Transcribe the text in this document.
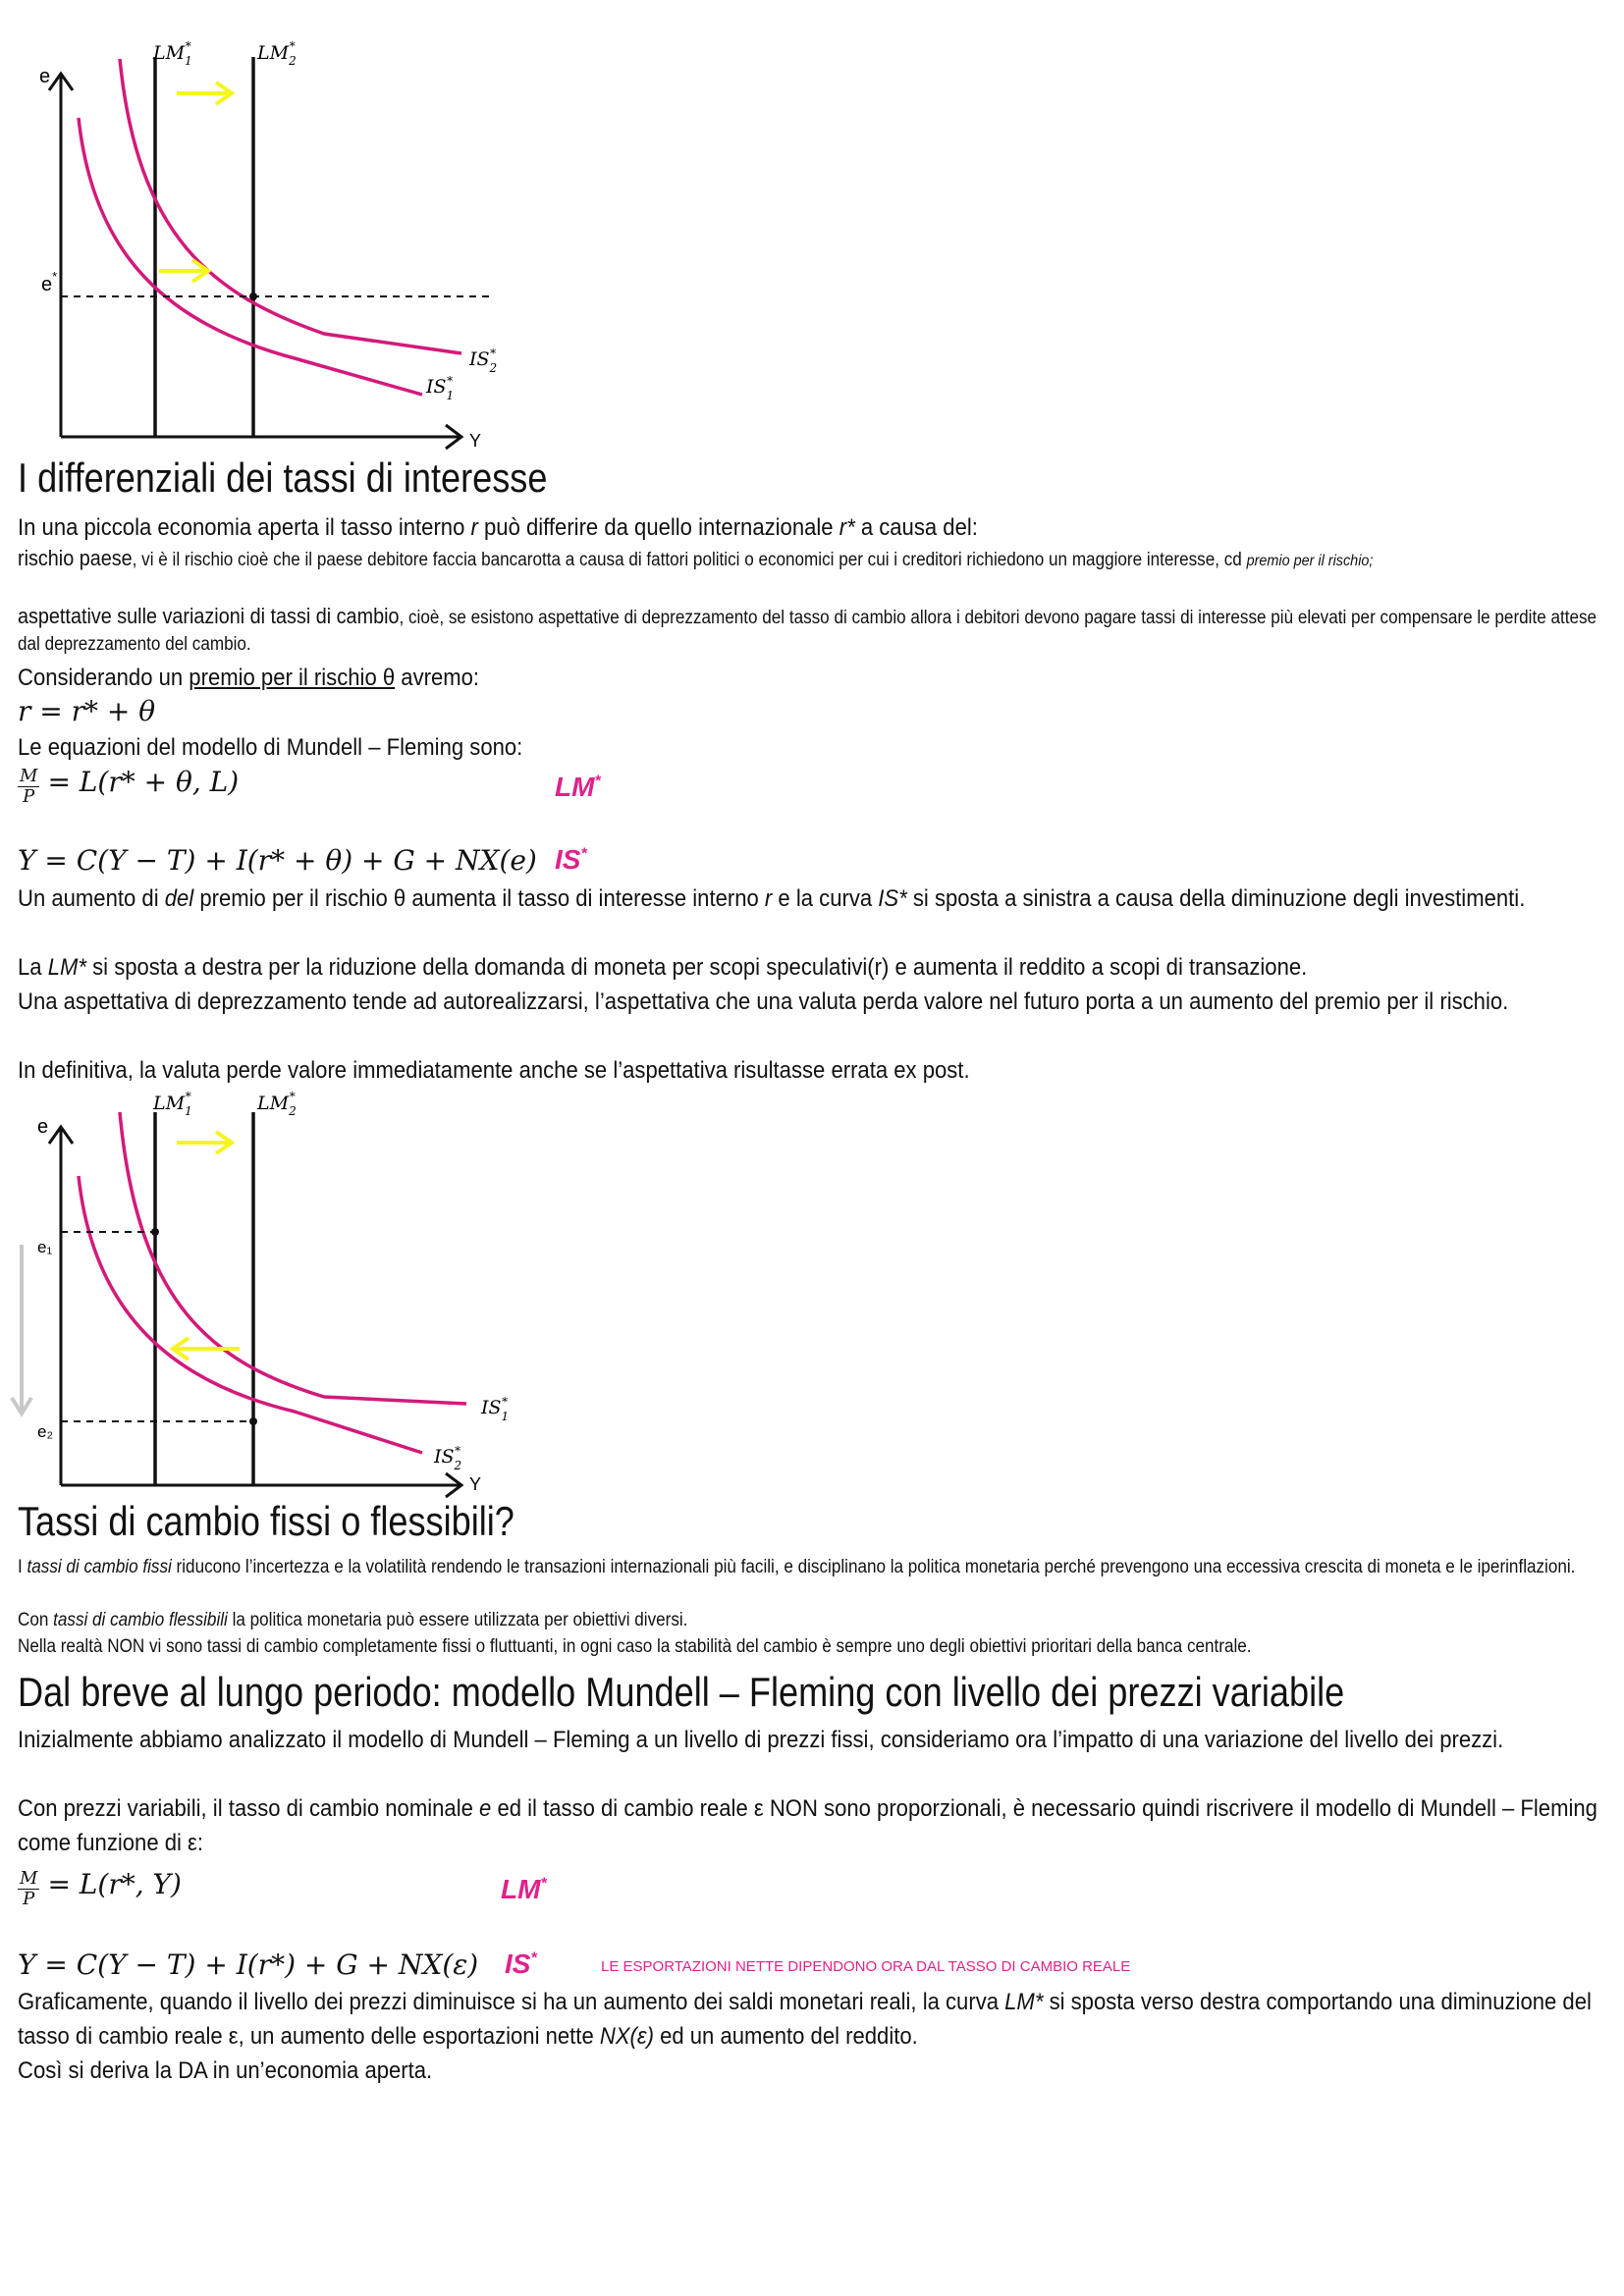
e
Y
e*
$LM_1*$	$LM_2*$
$IS_2*$
$IS_1*$
I differenziali dei tassi di interesse
In una piccola economia aperta il tasso interno r può differire da quello internazionale r* a causa del:
rischio paese, vi è il rischio cioè che il paese debitore faccia bancarotta a causa di fattori politici o economici per cui i creditori richiedono un maggiore interesse, cd premio per il rischio;
aspettative sulle variazioni di tassi di cambio, cioè, se esistono aspettative di deprezzamento del tasso di cambio allora i debitori devono pagare tassi di interesse più elevati per compensare le perdite attese dal deprezzamento del cambio.
Considerando un premio per il rischio θ avremo:
r = r* + θ
Le equazioni del modello di Mundell – Fleming sono:
$\frac{M}{P} = L(r* + \theta$, L)	LM*
Y = C(Y − T) + I(r* + θ) + G + NX(e) IS*
Un aumento di del premio per il rischio θ aumenta il tasso di interesse interno r e la curva IS* si sposta a sinistra a causa della diminuzione degli investimenti.
La LM* si sposta a destra per la riduzione della domanda di moneta per scopi speculativi(r) e aumenta il reddito a scopi di transazione.
Una aspettativa di deprezzamento tende ad autorealizzarsi, l’aspettativa che una valuta perda valore nel futuro porta a un aumento del premio per il rischio.
In definitiva, la valuta perde valore immediatamente anche se l’aspettativa risultasse errata ex post.
e
Y
e₁
e₂
$LM_1*$	$LM_2*$
$IS_1*$
$IS_2*$
Tassi di cambio fissi o flessibili?
I tassi di cambio fissi riducono l’incertezza e la volatilità rendendo le transazioni internazionali più facili, e disciplinano la politica monetaria perché prevengono una eccessiva crescita di moneta e le iperinflazioni.
Con tassi di cambio flessibili la politica monetaria può essere utilizzata per obiettivi diversi.
Nella realtà NON vi sono tassi di cambio completamente fissi o fluttuanti, in ogni caso la stabilità del cambio è sempre uno degli obiettivi prioritari della banca centrale.
Dal breve al lungo periodo: modello Mundell – Fleming con livello dei prezzi variabile
Inizialmente abbiamo analizzato il modello di Mundell – Fleming a un livello di prezzi fissi, consideriamo ora l’impatto di una variazione del livello dei prezzi.
Con prezzi variabili, il tasso di cambio nominale e ed il tasso di cambio reale ε NON sono proporzionali, è necessario quindi riscrivere il modello di Mundell – Fleming come funzione di ε:
$\frac{M}{P} = L(r*$, Y)	LM*
Y = C(Y − T) + I(r*) + G + NX(ε) IS*	LE ESPORTAZIONI NETTE DIPENDONO ORA DAL TASSO DI CAMBIO REALE
Graficamente, quando il livello dei prezzi diminuisce si ha un aumento dei saldi monetari reali, la curva LM* si sposta verso destra comportando una diminuzione del tasso di cambio reale ε, un aumento delle esportazioni nette NX(ε) ed un aumento del reddito.
Così si deriva la DA in un’economia aperta.
